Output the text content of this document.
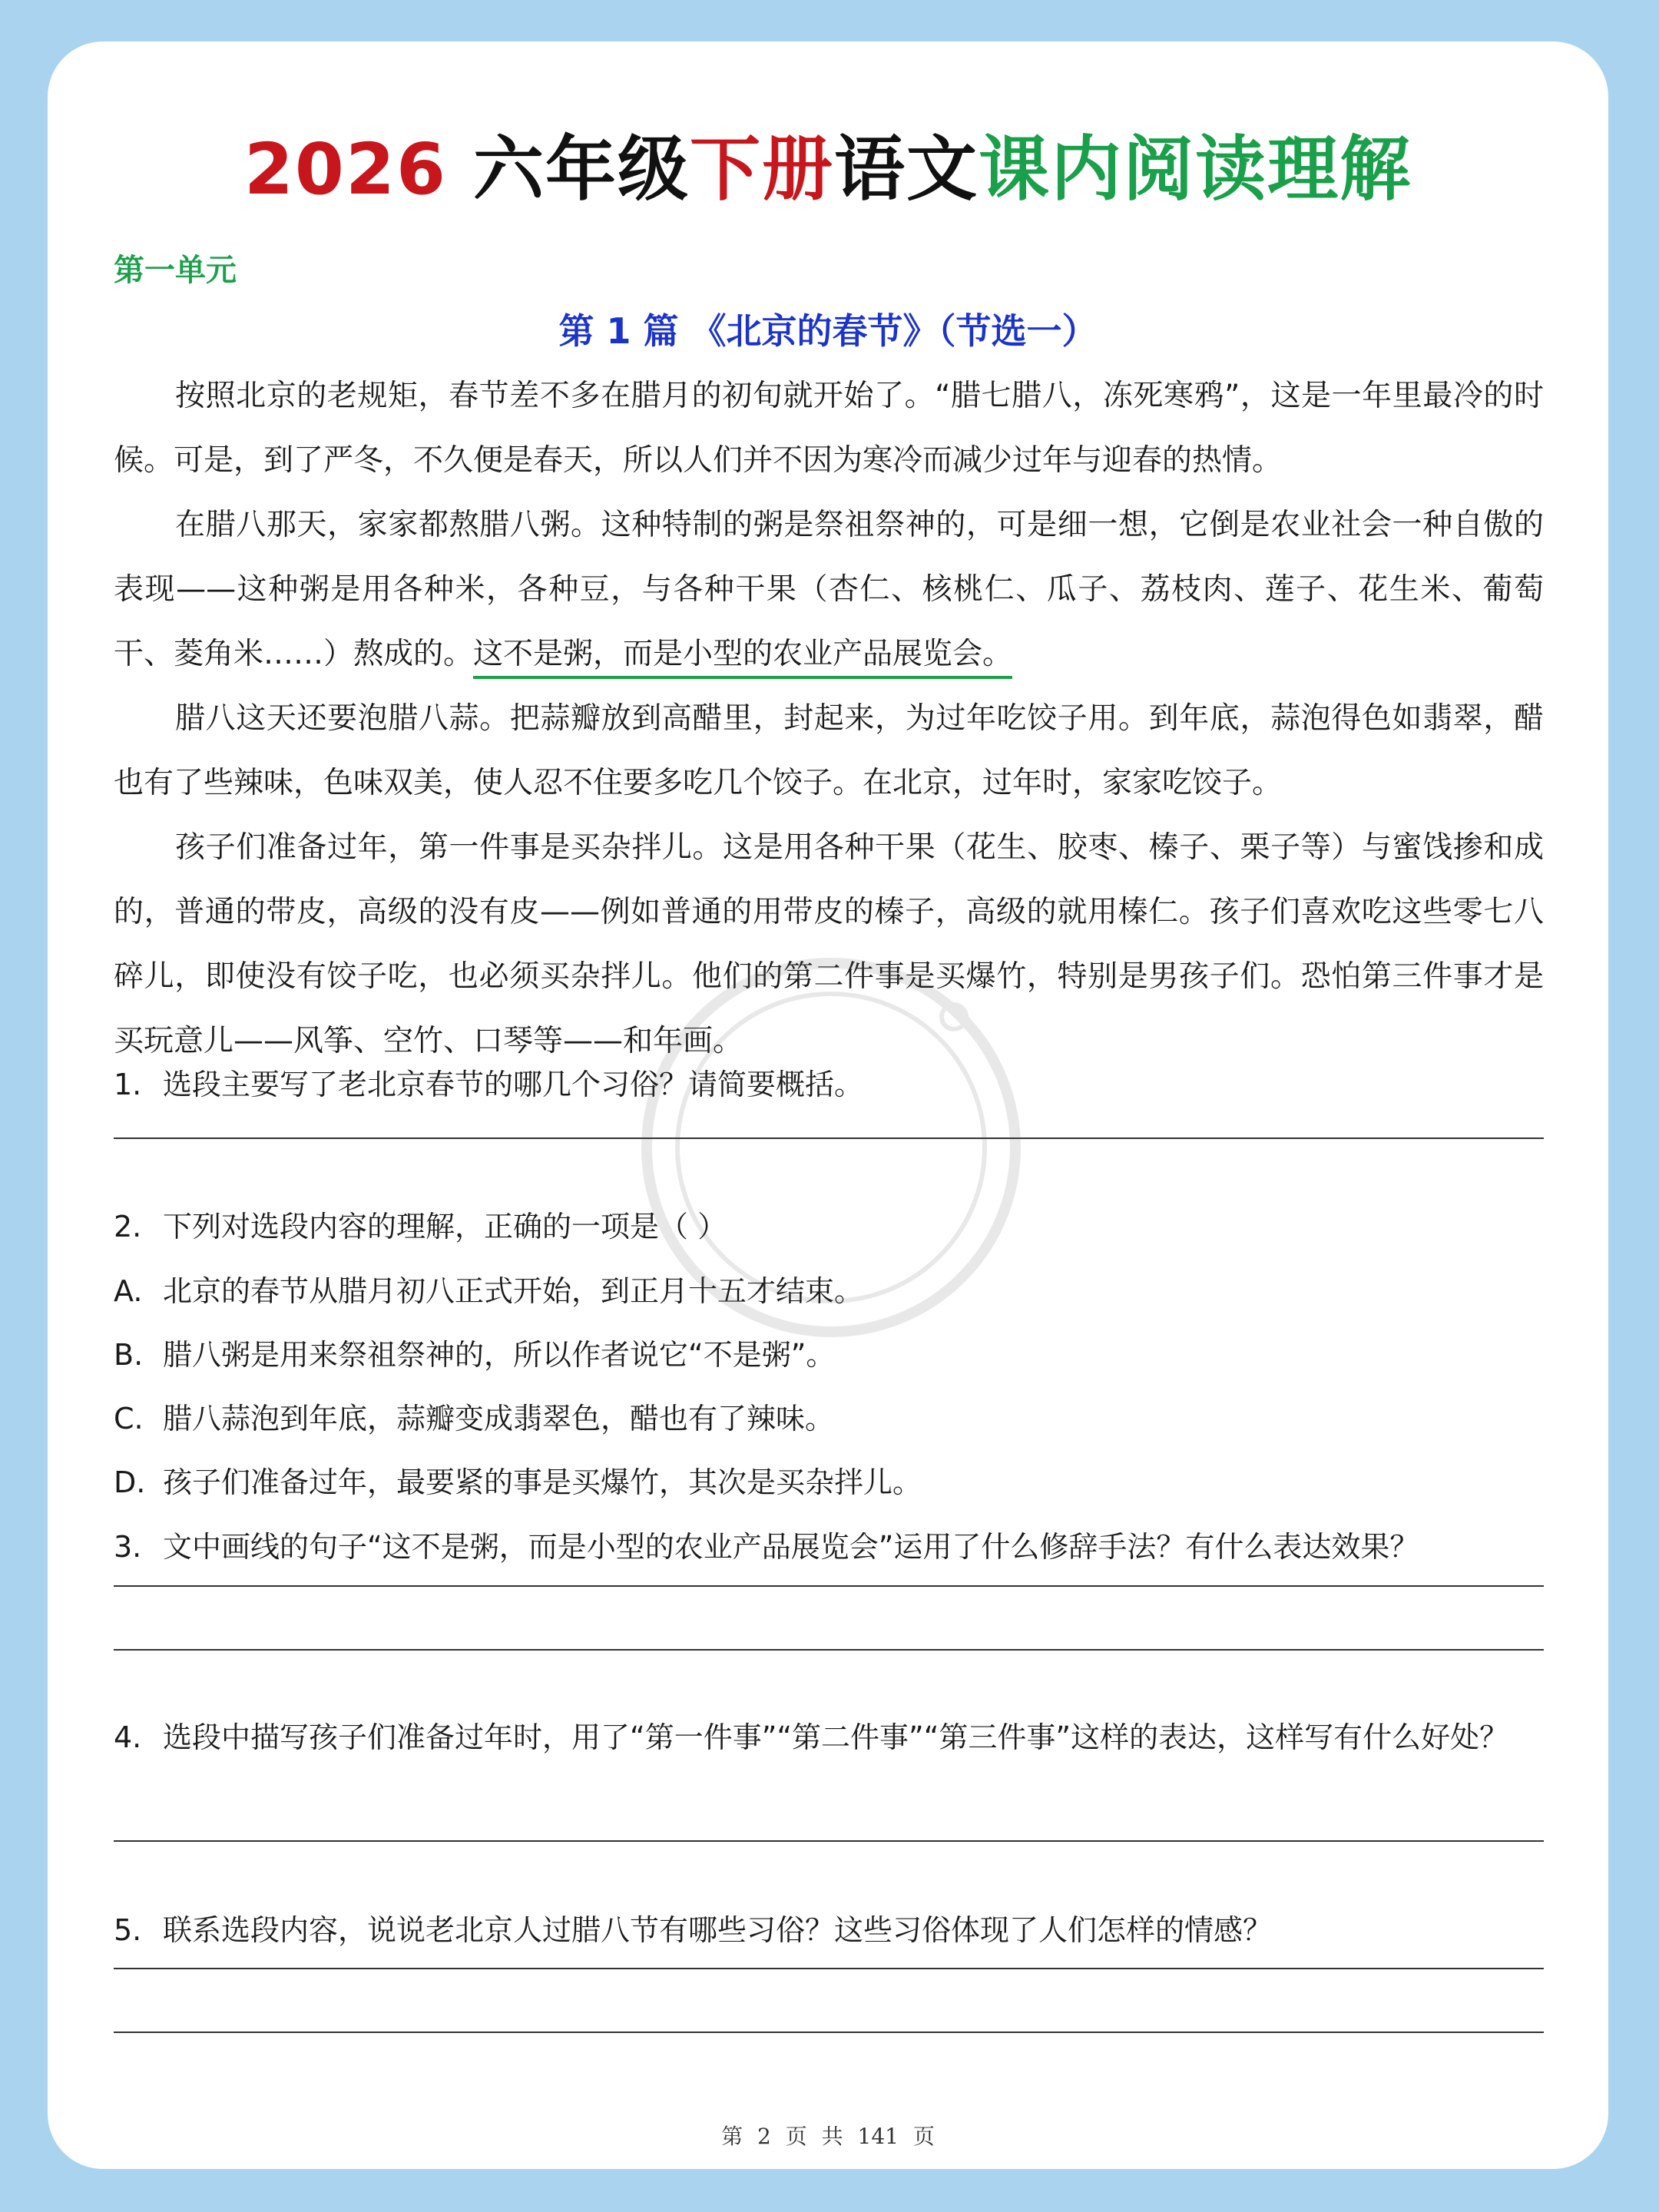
2026 六年级下册语文课内阅读理解
第一单元
第 1 篇 《北京的春节》（节选一）

按照北京的老规矩，春节差不多在腊月的初旬就开始了。“腊七腊八，冻死寒鸦”，这是一年里最冷的时候。可是，到了严冬，不久便是春天，所以人们并不因为寒冷而减少过年与迎春的热情。

在腊八那天，家家都熬腊八粥。这种特制的粥是祭祖祭神的，可是细一想，它倒是农业社会一种自傲的表现——这种粥是用各种米，各种豆，与各种干果（杏仁、核桃仁、瓜子、荔枝肉、莲子、花生米、葡萄干、菱角米……）熬成的。这不是粥，而是小型的农业产品展览会。

腊八这天还要泡腊八蒜。把蒜瓣放到高醋里，封起来，为过年吃饺子用。到年底，蒜泡得色如翡翠，醋也有了些辣味，色味双美，使人忍不住要多吃几个饺子。在北京，过年时，家家吃饺子。

孩子们准备过年，第一件事是买杂拌儿。这是用各种干果（花生、胶枣、榛子、栗子等）与蜜饯掺和成的，普通的带皮，高级的没有皮——例如普通的用带皮的榛子，高级的就用榛仁。孩子们喜欢吃这些零七八碎儿，即使没有饺子吃，也必须买杂拌儿。他们的第二件事是买爆竹，特别是男孩子们。恐怕第三件事才是买玩意儿——风筝、空竹、口琴等——和年画。

1. 选段主要写了老北京春节的哪几个习俗？请简要概括。
2. 下列对选段内容的理解，正确的一项是（ ）
A. 北京的春节从腊月初八正式开始，到正月十五才结束。
B. 腊八粥是用来祭祖祭神的，所以作者说它“不是粥”。
C. 腊八蒜泡到年底，蒜瓣变成翡翠色，醋也有了辣味。
D. 孩子们准备过年，最要紧的事是买爆竹，其次是买杂拌儿。
3. 文中画线的句子“这不是粥，而是小型的农业产品展览会”运用了什么修辞手法？有什么表达效果？
4. 选段中描写孩子们准备过年时，用了“第一件事”“第二件事”“第三件事”这样的表达，这样写有什么好处？
5. 联系选段内容，说说老北京人过腊八节有哪些习俗？这些习俗体现了人们怎样的情感？
第 2 页 共 141 页
